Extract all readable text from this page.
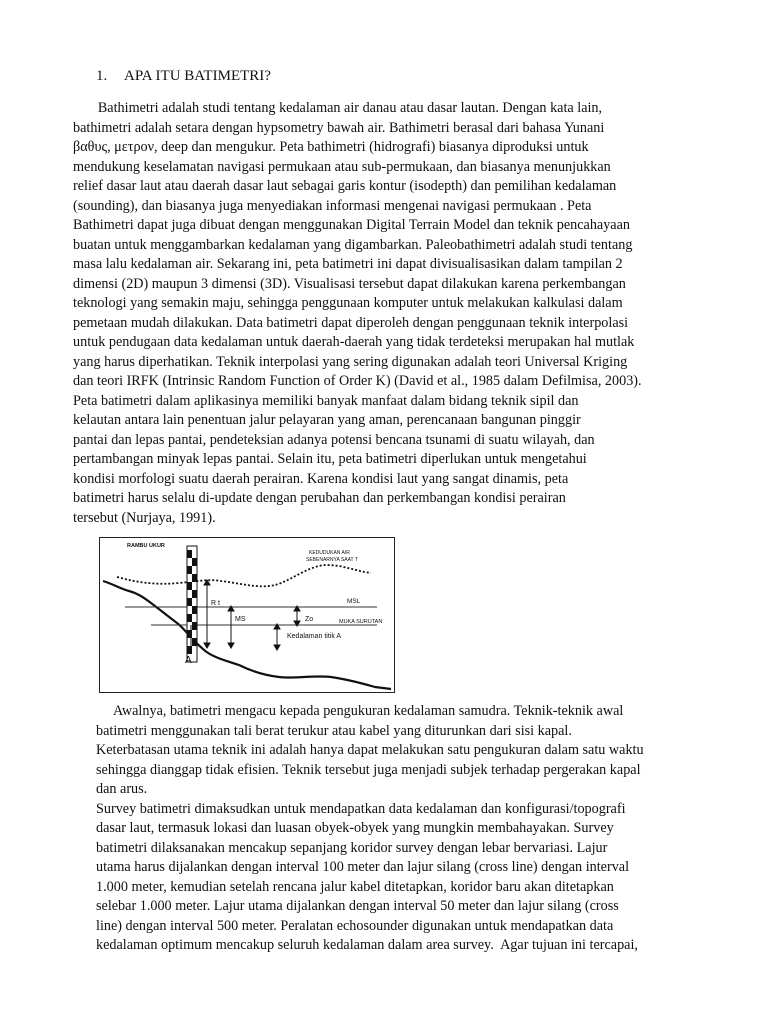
1. APA ITU BATIMETRI?
Bathimetri adalah studi tentang kedalaman air danau atau dasar lautan. Dengan kata lain,
bathimetri adalah setara dengan hypsometry bawah air. Bathimetri berasal dari bahasa Yunani
βαθυς, μετρον, deep dan mengukur. Peta bathimetri (hidrografi) biasanya diproduksi untuk
mendukung keselamatan navigasi permukaan atau sub-permukaan, dan biasanya menunjukkan
relief dasar laut atau daerah dasar laut sebagai garis kontur (isodepth) dan pemilihan kedalaman
(sounding), dan biasanya juga menyediakan informasi mengenai navigasi permukaan . Peta
Bathimetri dapat juga dibuat dengan menggunakan Digital Terrain Model dan teknik pencahayaan
buatan untuk menggambarkan kedalaman yang digambarkan. Paleobathimetri adalah studi tentang
masa lalu kedalaman air. Sekarang ini, peta batimetri ini dapat divisualisasikan dalam tampilan 2
dimensi (2D) maupun 3 dimensi (3D). Visualisasi tersebut dapat dilakukan karena perkembangan
teknologi yang semakin maju, sehingga penggunaan komputer untuk melakukan kalkulasi dalam
pemetaan mudah dilakukan. Data batimetri dapat diperoleh dengan penggunaan teknik interpolasi
untuk pendugaan data kedalaman untuk daerah-daerah yang tidak terdeteksi merupakan hal mutlak
yang harus diperhatikan. Teknik interpolasi yang sering digunakan adalah teori Universal Kriging
dan teori IRFK (Intrinsic Random Function of Order K) (David et al., 1985 dalam Defilmisa, 2003).
Peta batimetri dalam aplikasinya memiliki banyak manfaat dalam bidang teknik sipil dan
kelautan antara lain penentuan jalur pelayaran yang aman, perencanaan bangunan pinggir
pantai dan lepas pantai, pendeteksian adanya potensi bencana tsunami di suatu wilayah, dan
pertambangan minyak lepas pantai. Selain itu, peta batimetri diperlukan untuk mengetahui
kondisi morfologi suatu daerah perairan. Karena kondisi laut yang sangat dinamis, peta
batimetri harus selalu di-update dengan perubahan dan perkembangan kondisi perairan
tersebut (Nurjaya, 1991).
RAMBU UKUR
KEDUDUKAN AIR
SEBENARNYA SAAT T
MSL
R t
MS	Zo	MUKA SURUTAN
Kedalaman titik A
A
Awalnya, batimetri mengacu kepada pengukuran kedalaman samudra. Teknik-teknik awal
batimetri menggunakan tali berat terukur atau kabel yang diturunkan dari sisi kapal.
Keterbatasan utama teknik ini adalah hanya dapat melakukan satu pengukuran dalam satu waktu
sehingga dianggap tidak efisien. Teknik tersebut juga menjadi subjek terhadap pergerakan kapal
dan arus.
Survey batimetri dimaksudkan untuk mendapatkan data kedalaman dan konfigurasi/topografi
dasar laut, termasuk lokasi dan luasan obyek-obyek yang mungkin membahayakan. Survey
batimetri dilaksanakan mencakup sepanjang koridor survey dengan lebar bervariasi. Lajur
utama harus dijalankan dengan interval 100 meter dan lajur silang (cross line) dengan interval
1.000 meter, kemudian setelah rencana jalur kabel ditetapkan, koridor baru akan ditetapkan
selebar 1.000 meter. Lajur utama dijalankan dengan interval 50 meter dan lajur silang (cross
line) dengan interval 500 meter. Peralatan echosounder digunakan untuk mendapatkan data
kedalaman optimum mencakup seluruh kedalaman dalam area survey.  Agar tujuan ini tercapai,
